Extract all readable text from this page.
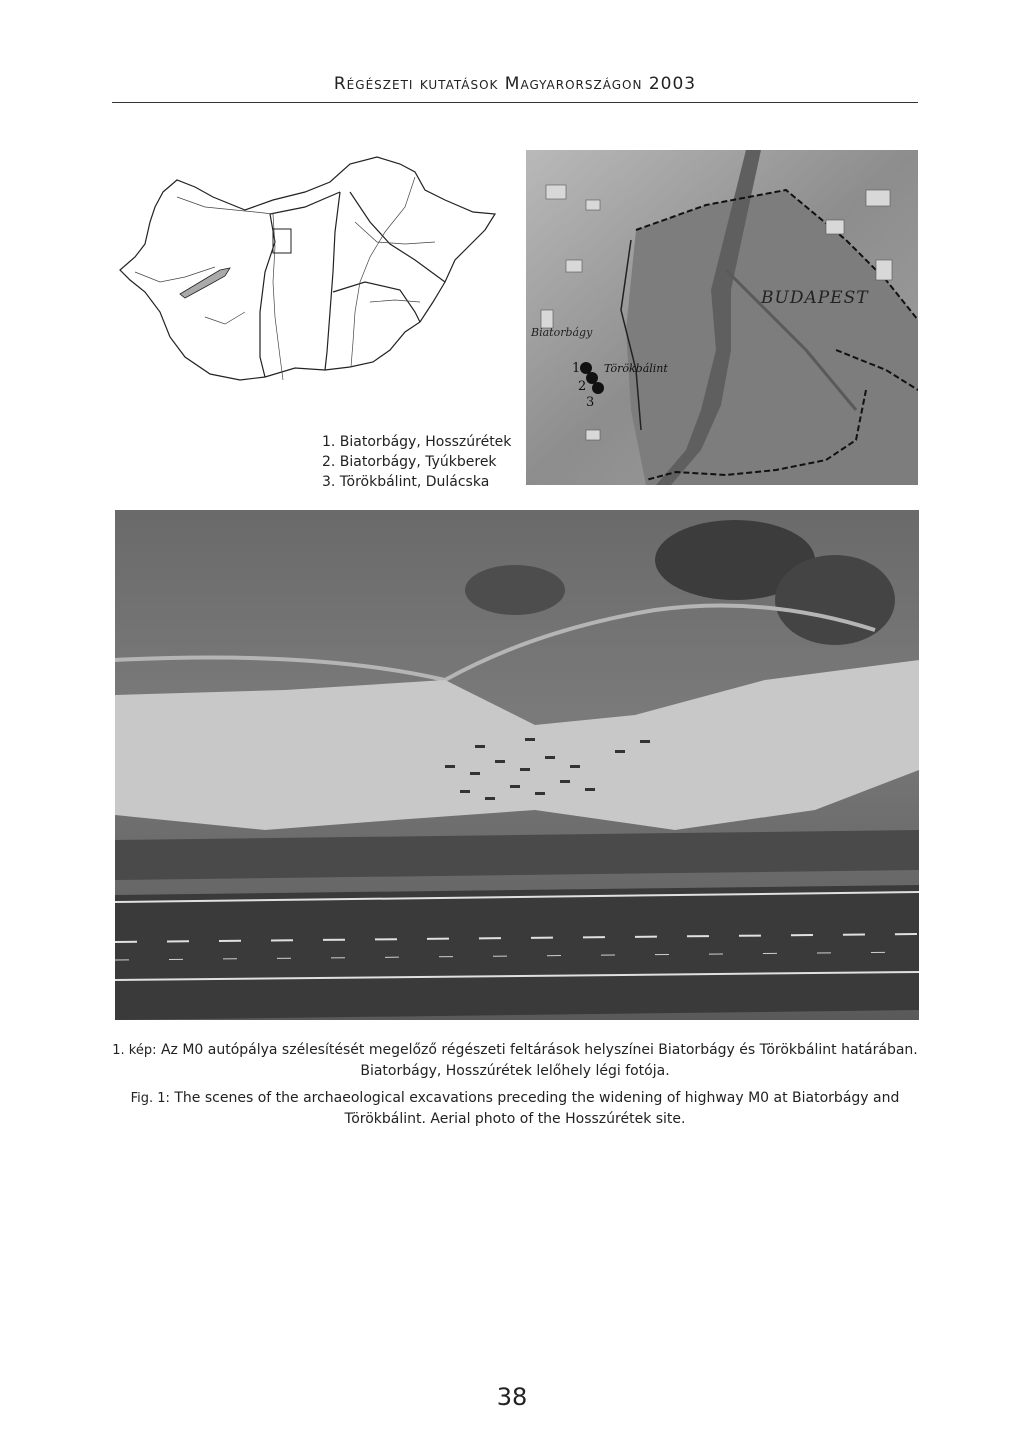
Régészeti kutatások Magyarországon 2003
1. Biatorbágy, Hosszúrétek
2. Biatorbágy, Tyúkberek
3. Törökbálint, Dulácska
1
2
3
BUDAPEST
Biatorbágy
Törökbálint
1. kép: Az M0 autópálya szélesítését megelőző régészeti feltárások helyszínei Biatorbágy és Törökbálint határában. Biatorbágy, Hosszúrétek lelőhely légi fotója.
Fig. 1: The scenes of the archaeological excavations preceding the widening of highway M0 at Biatorbágy and Törökbálint. Aerial photo of the Hosszúrétek site.
38
